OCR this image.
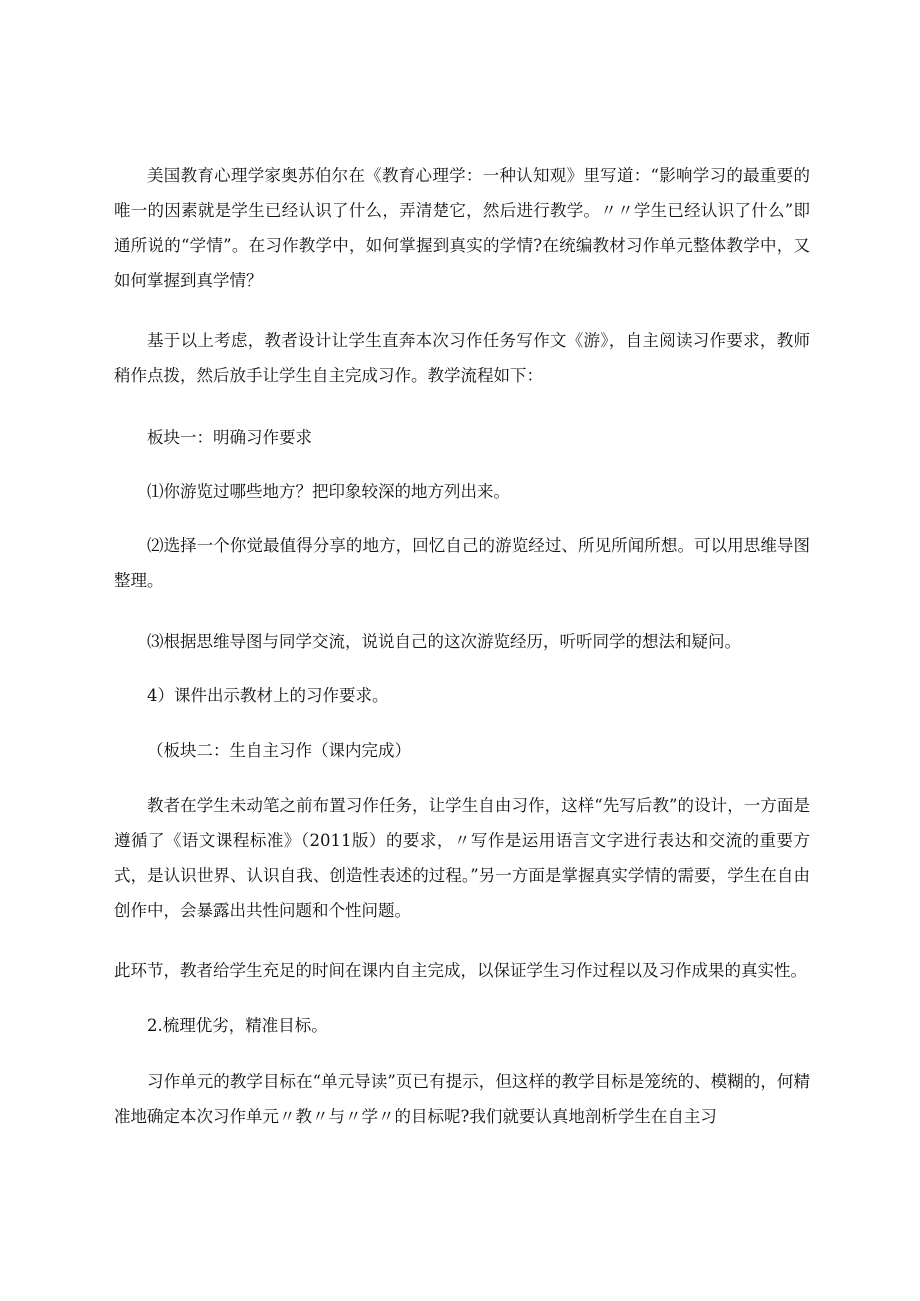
美国教育心理学家奥苏伯尔在《教育心理学：一种认知观》里写道：“影响学习的最重要的唯一的因素就是学生已经认识了什么，弄清楚它，然后进行教学。〃〃学生已经认识了什么”即通所说的“学情”。在习作教学中，如何掌握到真实的学情?在统编教材习作单元整体教学中，又如何掌握到真学情？

基于以上考虑，教者设计让学生直奔本次习作任务写作文《游》，自主阅读习作要求，教师稍作点拨，然后放手让学生自主完成习作。教学流程如下：

板块一：明确习作要求

⑴你游览过哪些地方？把印象较深的地方列出来。

⑵选择一个你觉最值得分享的地方，回忆自己的游览经过、所见所闻所想。可以用思维导图整理。

⑶根据思维导图与同学交流，说说自己的这次游览经历，听听同学的想法和疑问。

4）课件出示教材上的习作要求。

（板块二：生自主习作（课内完成）

教者在学生未动笔之前布置习作任务，让学生自由习作，这样“先写后教”的设计，一方面是遵循了《语文课程标准》（2011版）的要求，〃写作是运用语言文字进行表达和交流的重要方式，是认识世界、认识自我、创造性表述的过程。”另一方面是掌握真实学情的需要，学生在自由创作中，会暴露出共性问题和个性问题。

此环节，教者给学生充足的时间在课内自主完成，以保证学生习作过程以及习作成果的真实性。

2.梳理优劣，精准目标。

习作单元的教学目标在“单元导读”页已有提示，但这样的教学目标是笼统的、模糊的，何精准地确定本次习作单元〃教〃与〃学〃的目标呢?我们就要认真地剖析学生在自主习
